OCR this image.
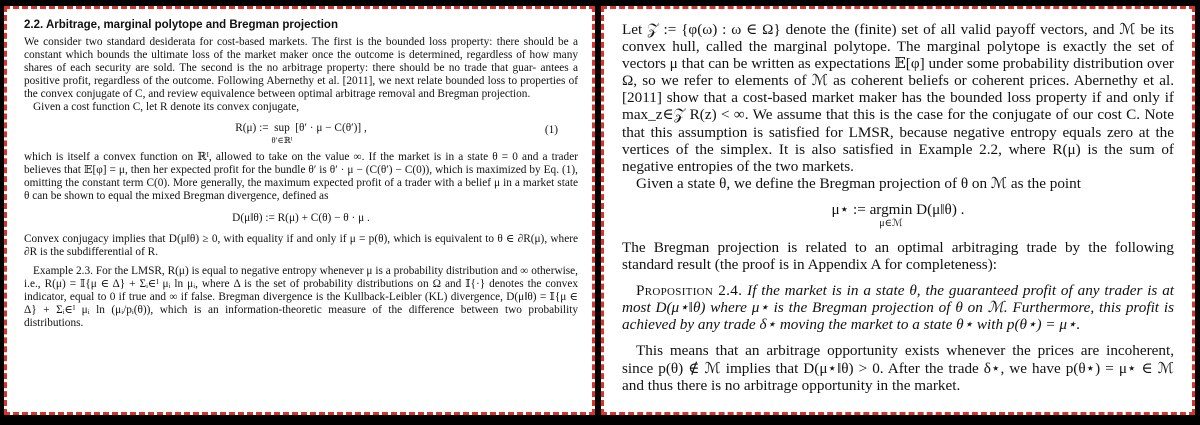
2.2. Arbitrage, marginal polytope and Bregman projection

We consider two standard desiderata for cost-based markets. The first is the bounded loss property: there should be a constant which bounds the ultimate loss of the market maker once the outcome is determined, regardless of how many shares of each security are sold. The second is the no arbitrage property: there should be no trade that guar- antees a positive profit, regardless of the outcome. Following Abernethy et al. [2011], we next relate bounded loss to properties of the convex conjugate of C, and review equivalence between optimal arbitrage removal and Bregman projection.

Given a cost function C, let R denote its convex conjugate,

R(μ) := sup
θ′∈ℝᴵ
[θ′ · μ − C(θ′)] ,	(1)

which is itself a convex function on ℝᴵ, allowed to take on the value ∞. If the market is in a state θ = 0 and a trader believes that 𝔼[φ] = μ, then her expected profit for the bundle θ′ is θ′ · μ − (C(θ′) − C(0)), which is maximized by Eq. (1), omitting the constant term C(0). More generally, the maximum expected profit of a trader with a belief μ in a market state θ can be shown to equal the mixed Bregman divergence, defined as

D(μ‖θ) := R(μ) + C(θ) − θ · μ .

Convex conjugacy implies that D(μ‖θ) ≥ 0, with equality if and only if μ = p(θ), which is equivalent to θ ∈ ∂R(μ), where ∂R is the subdifferential of R.

Example 2.3. For the LMSR, R(μ) is equal to negative entropy whenever μ is a probability distribution and ∞ otherwise, i.e., R(μ) = 𝕀{μ ∈ Δ} + Σᵢ∈ᴵ μᵢ ln μᵢ, where Δ is the set of probability distributions on Ω and 𝕀{·} denotes the convex indicator, equal to 0 if true and ∞ if false. Bregman divergence is the Kullback-Leibler (KL) divergence, D(μ‖θ) = 𝕀{μ ∈ Δ} + Σᵢ∈ᴵ μᵢ ln (μᵢ/pᵢ(θ)), which is an information-theoretic measure of the difference between two probability distributions.

Let 𝒵 := {φ(ω) : ω ∈ Ω} denote the (finite) set of all valid payoff vectors, and ℳ be its convex hull, called the marginal polytope. The marginal polytope is exactly the set of vectors μ that can be written as expectations 𝔼[φ] under some probability distribution over Ω, so we refer to elements of ℳ as coherent beliefs or coherent prices. Abernethy et al. [2011] show that a cost-based market maker has the bounded loss property if and only if max_z∈𝒵 R(z) < ∞. We assume that this is the case for the conjugate of our cost C. Note that this assumption is satisfied for LMSR, because negative entropy equals zero at the vertices of the simplex. It is also satisfied in Example 2.2, where R(μ) is the sum of negative entropies of the two markets.

Given a state θ, we define the Bregman projection of θ on ℳ as the point

μ⋆ := argmin
μ∈ℳ
D(μ‖θ) .

The Bregman projection is related to an optimal arbitraging trade by the following standard result (the proof is in Appendix A for completeness):

Proposition 2.4. If the market is in a state θ, the guaranteed profit of any trader is at most D(μ⋆‖θ) where μ⋆ is the Bregman projection of θ on ℳ. Furthermore, this profit is achieved by any trade δ⋆ moving the market to a state θ⋆ with p(θ⋆) = μ⋆.

This means that an arbitrage opportunity exists whenever the prices are incoherent, since p(θ) ∉ ℳ implies that D(μ⋆‖θ) > 0. After the trade δ⋆, we have p(θ⋆) = μ⋆ ∈ ℳ and thus there is no arbitrage opportunity in the market.
